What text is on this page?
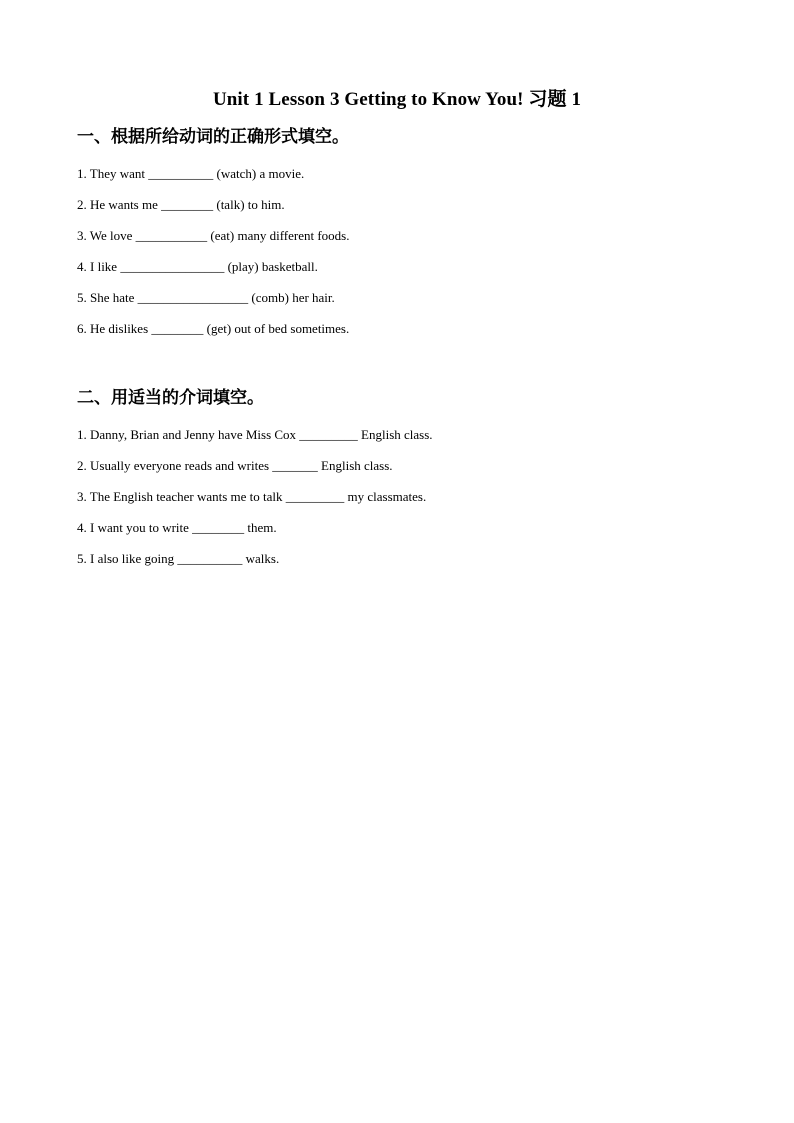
Unit 1 Lesson 3 Getting to Know You! 习题 1
一、根据所给动词的正确形式填空。
1. They want __________ (watch) a movie.
2. He wants me ________ (talk) to him.
3. We love ___________ (eat) many different foods.
4. I like ________________ (play) basketball.
5. She hate _________________ (comb) her hair.
6. He dislikes ________ (get) out of bed sometimes.
二、用适当的介词填空。
1. Danny, Brian and Jenny have Miss Cox _________ English class.
2. Usually everyone reads and writes _______ English class.
3. The English teacher wants me to talk _________ my classmates.
4. I want you to write ________ them.
5. I also like going __________ walks.
